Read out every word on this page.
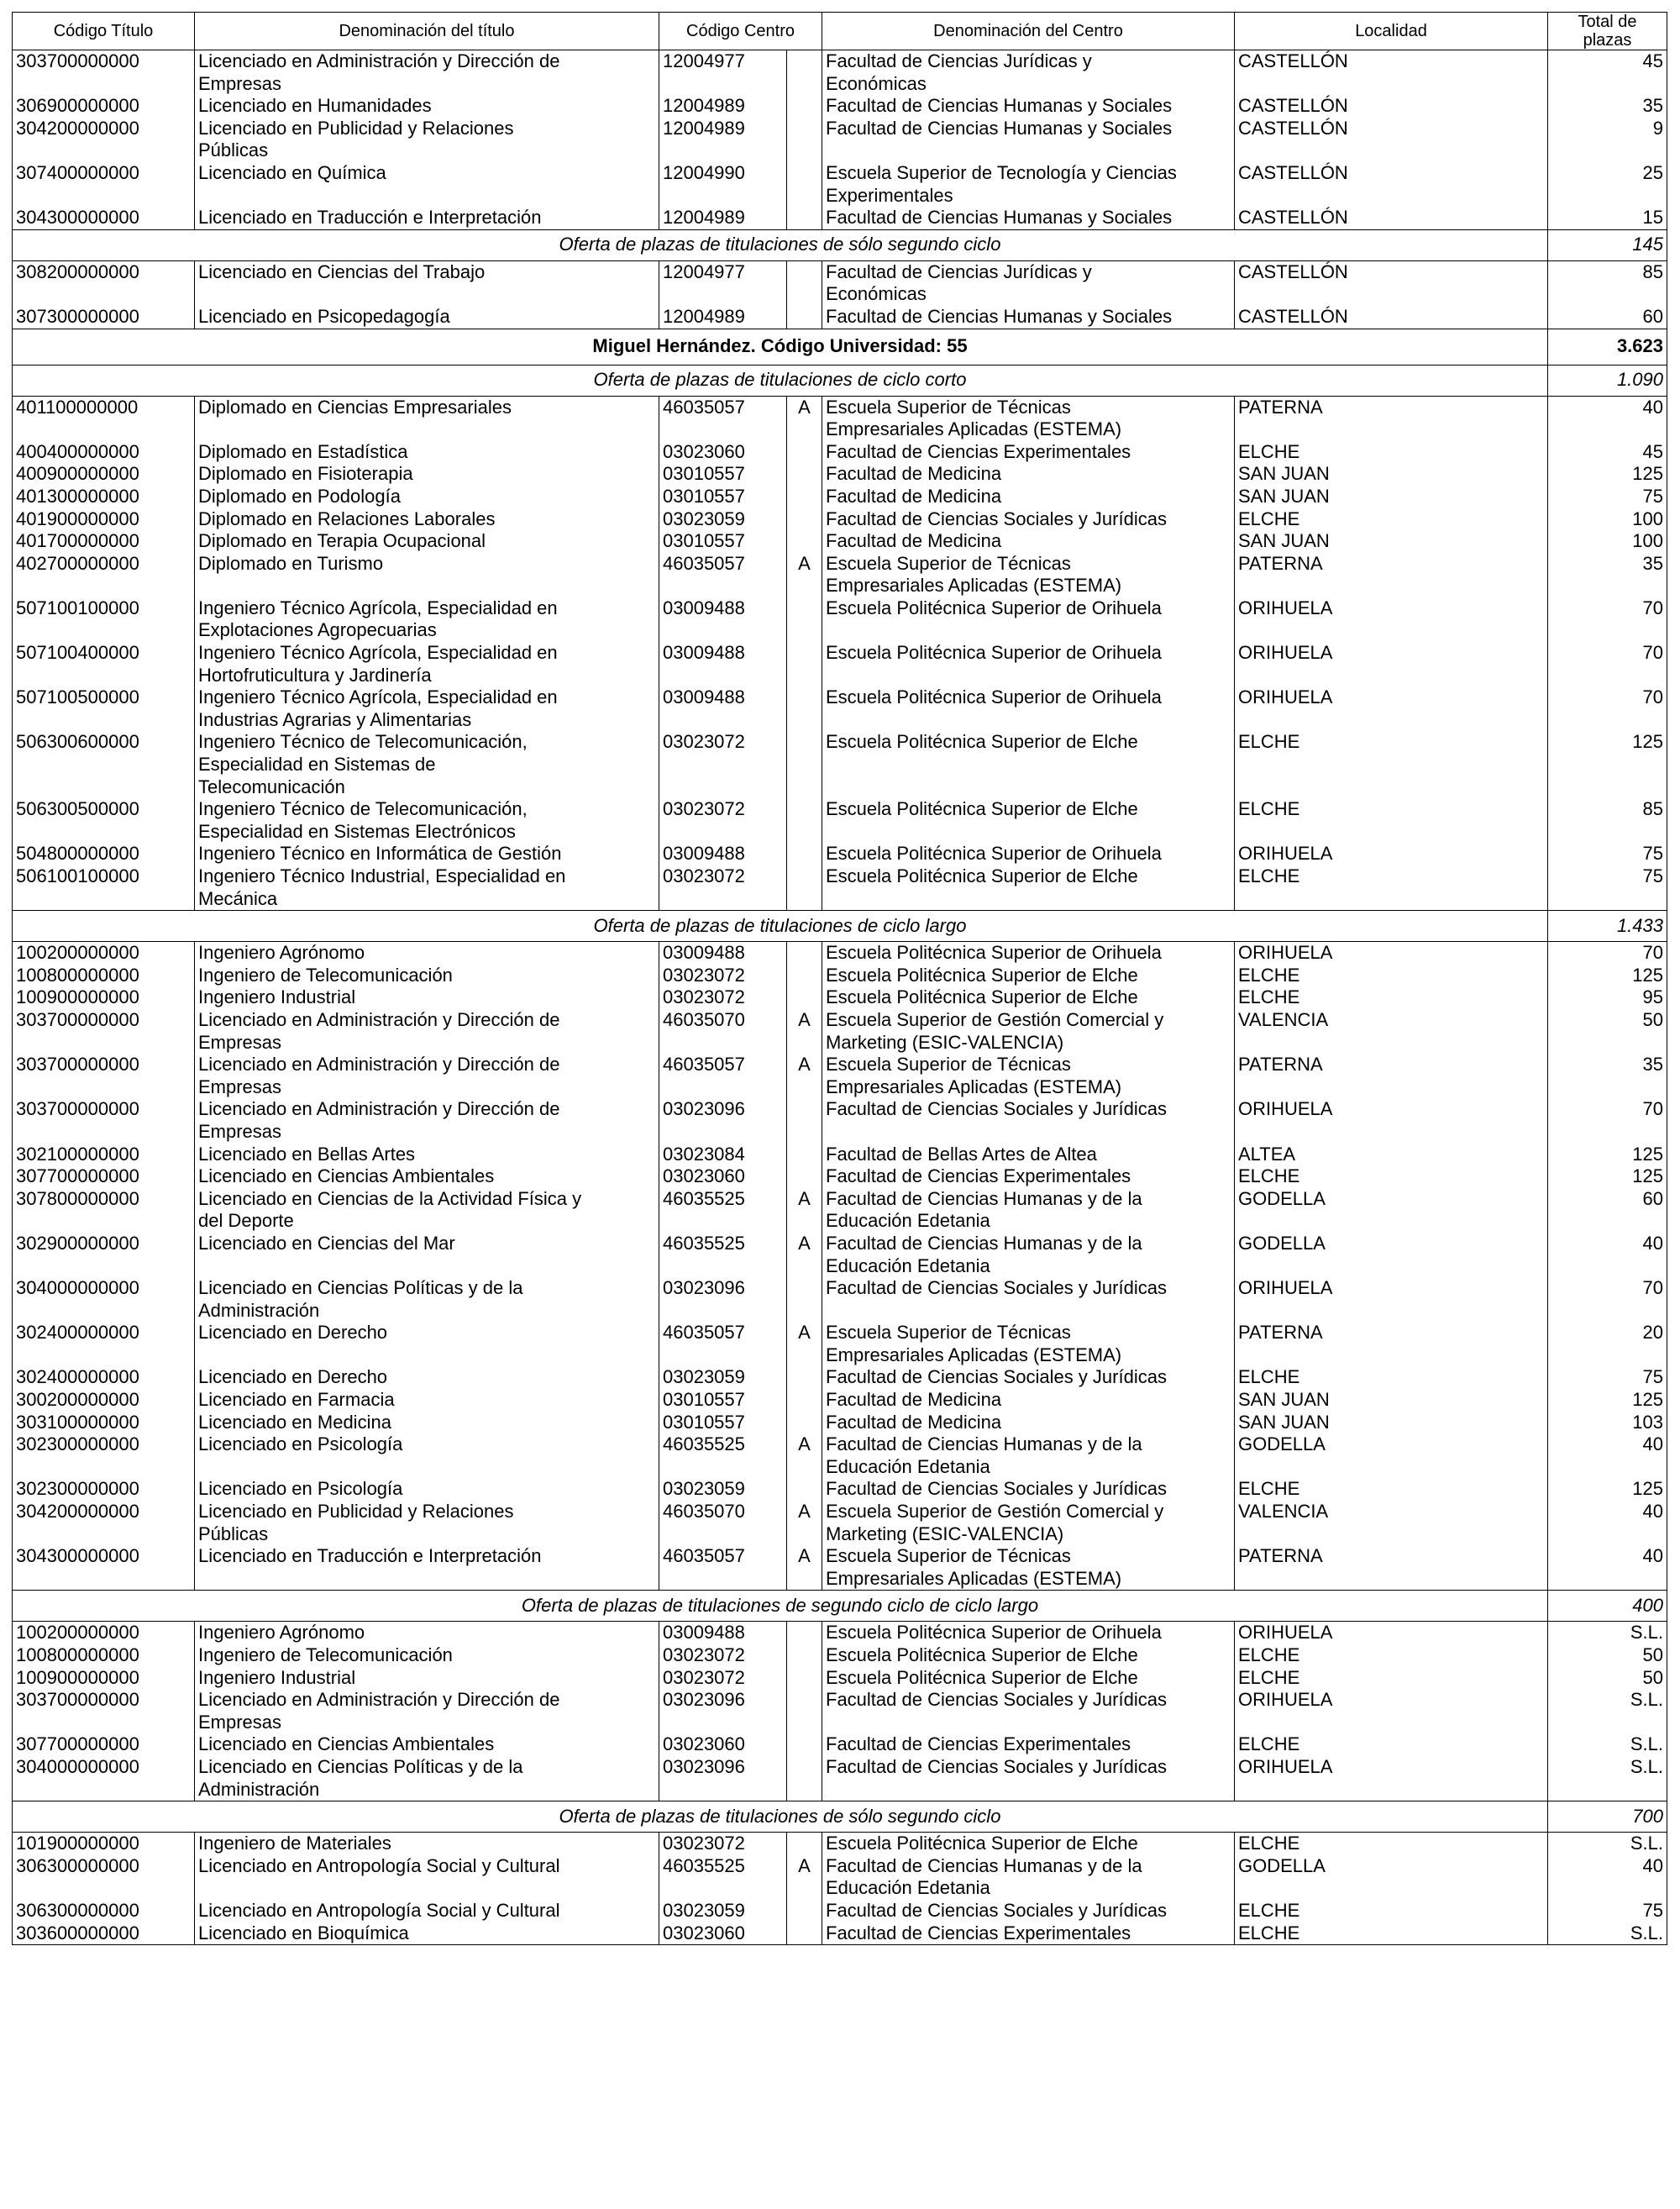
Código Título	Denominación del título	Código Centro		Denominación del Centro	Localidad	Total de plazas
303700000000	Licenciado en Administración y Dirección de
Empresas	12004977		Facultad de Ciencias Jurídicas y
Económicas	CASTELLÓN	45
306900000000	Licenciado en Humanidades	12004989		Facultad de Ciencias Humanas y Sociales	CASTELLÓN	35
304200000000	Licenciado en Publicidad y Relaciones
Públicas	12004989		Facultad de Ciencias Humanas y Sociales	CASTELLÓN	9
307400000000	Licenciado en Química	12004990		Escuela Superior de Tecnología y Ciencias
Experimentales	CASTELLÓN	25
304300000000	Licenciado en Traducción e Interpretación	12004989		Facultad de Ciencias Humanas y Sociales	CASTELLÓN	15
Oferta de plazas de titulaciones de sólo segundo ciclo						145
308200000000	Licenciado en Ciencias del Trabajo	12004977		Facultad de Ciencias Jurídicas y
Económicas	CASTELLÓN	85
307300000000	Licenciado en Psicopedagogía	12004989		Facultad de Ciencias Humanas y Sociales	CASTELLÓN	60
Miguel Hernández. Código Universidad: 55						3.623
Oferta de plazas de titulaciones de ciclo corto						1.090
401100000000	Diplomado en Ciencias Empresariales	46035057	A	Escuela Superior de Técnicas
Empresariales Aplicadas (ESTEMA)	PATERNA	40
400400000000	Diplomado en Estadística	03023060		Facultad de Ciencias Experimentales	ELCHE	45
400900000000	Diplomado en Fisioterapia	03010557		Facultad de Medicina	SAN JUAN	125
401300000000	Diplomado en Podología	03010557		Facultad de Medicina	SAN JUAN	75
401900000000	Diplomado en Relaciones Laborales	03023059		Facultad de Ciencias Sociales y Jurídicas	ELCHE	100
401700000000	Diplomado en Terapia Ocupacional	03010557		Facultad de Medicina	SAN JUAN	100
402700000000	Diplomado en Turismo	46035057	A	Escuela Superior de Técnicas
Empresariales Aplicadas (ESTEMA)	PATERNA	35
507100100000	Ingeniero Técnico Agrícola, Especialidad en
Explotaciones Agropecuarias	03009488		Escuela Politécnica Superior de Orihuela	ORIHUELA	70
507100400000	Ingeniero Técnico Agrícola, Especialidad en
Hortofruticultura y Jardinería	03009488		Escuela Politécnica Superior de Orihuela	ORIHUELA	70
507100500000	Ingeniero Técnico Agrícola, Especialidad en
Industrias Agrarias y Alimentarias	03009488		Escuela Politécnica Superior de Orihuela	ORIHUELA	70
506300600000	Ingeniero Técnico de Telecomunicación,
Especialidad en Sistemas de
Telecomunicación	03023072		Escuela Politécnica Superior de Elche	ELCHE	125
506300500000	Ingeniero Técnico de Telecomunicación,
Especialidad en Sistemas Electrónicos	03023072		Escuela Politécnica Superior de Elche	ELCHE	85
504800000000	Ingeniero Técnico en Informática de Gestión	03009488		Escuela Politécnica Superior de Orihuela	ORIHUELA	75
506100100000	Ingeniero Técnico Industrial, Especialidad en
Mecánica	03023072		Escuela Politécnica Superior de Elche	ELCHE	75
Oferta de plazas de titulaciones de ciclo largo						1.433
100200000000	Ingeniero Agrónomo	03009488		Escuela Politécnica Superior de Orihuela	ORIHUELA	70
100800000000	Ingeniero de Telecomunicación	03023072		Escuela Politécnica Superior de Elche	ELCHE	125
100900000000	Ingeniero Industrial	03023072		Escuela Politécnica Superior de Elche	ELCHE	95
303700000000	Licenciado en Administración y Dirección de
Empresas	46035070	A	Escuela Superior de Gestión Comercial y
Marketing (ESIC-VALENCIA)	VALENCIA	50
303700000000	Licenciado en Administración y Dirección de
Empresas	46035057	A	Escuela Superior de Técnicas
Empresariales Aplicadas (ESTEMA)	PATERNA	35
303700000000	Licenciado en Administración y Dirección de
Empresas	03023096		Facultad de Ciencias Sociales y Jurídicas	ORIHUELA	70
302100000000	Licenciado en Bellas Artes	03023084		Facultad de Bellas Artes de Altea	ALTEA	125
307700000000	Licenciado en Ciencias Ambientales	03023060		Facultad de Ciencias Experimentales	ELCHE	125
307800000000	Licenciado en Ciencias de la Actividad Física y
del Deporte	46035525	A	Facultad de Ciencias Humanas y de la
Educación Edetania	GODELLA	60
302900000000	Licenciado en Ciencias del Mar	46035525	A	Facultad de Ciencias Humanas y de la
Educación Edetania	GODELLA	40
304000000000	Licenciado en Ciencias Políticas y de la
Administración	03023096		Facultad de Ciencias Sociales y Jurídicas	ORIHUELA	70
302400000000	Licenciado en Derecho	46035057	A	Escuela Superior de Técnicas
Empresariales Aplicadas (ESTEMA)	PATERNA	20
302400000000	Licenciado en Derecho	03023059		Facultad de Ciencias Sociales y Jurídicas	ELCHE	75
300200000000	Licenciado en Farmacia	03010557		Facultad de Medicina	SAN JUAN	125
303100000000	Licenciado en Medicina	03010557		Facultad de Medicina	SAN JUAN	103
302300000000	Licenciado en Psicología	46035525	A	Facultad de Ciencias Humanas y de la
Educación Edetania	GODELLA	40
302300000000	Licenciado en Psicología	03023059		Facultad de Ciencias Sociales y Jurídicas	ELCHE	125
304200000000	Licenciado en Publicidad y Relaciones
Públicas	46035070	A	Escuela Superior de Gestión Comercial y
Marketing (ESIC-VALENCIA)	VALENCIA	40
304300000000	Licenciado en Traducción e Interpretación	46035057	A	Escuela Superior de Técnicas
Empresariales Aplicadas (ESTEMA)	PATERNA	40
Oferta de plazas de titulaciones de segundo ciclo de ciclo largo						400
100200000000	Ingeniero Agrónomo	03009488		Escuela Politécnica Superior de Orihuela	ORIHUELA	S.L.
100800000000	Ingeniero de Telecomunicación	03023072		Escuela Politécnica Superior de Elche	ELCHE	50
100900000000	Ingeniero Industrial	03023072		Escuela Politécnica Superior de Elche	ELCHE	50
303700000000	Licenciado en Administración y Dirección de
Empresas	03023096		Facultad de Ciencias Sociales y Jurídicas	ORIHUELA	S.L.
307700000000	Licenciado en Ciencias Ambientales	03023060		Facultad de Ciencias Experimentales	ELCHE	S.L.
304000000000	Licenciado en Ciencias Políticas y de la
Administración	03023096		Facultad de Ciencias Sociales y Jurídicas	ORIHUELA	S.L.
Oferta de plazas de titulaciones de sólo segundo ciclo						700
101900000000	Ingeniero de Materiales	03023072		Escuela Politécnica Superior de Elche	ELCHE	S.L.
306300000000	Licenciado en Antropología Social y Cultural	46035525	A	Facultad de Ciencias Humanas y de la
Educación Edetania	GODELLA	40
306300000000	Licenciado en Antropología Social y Cultural	03023059		Facultad de Ciencias Sociales y Jurídicas	ELCHE	75
303600000000	Licenciado en Bioquímica	03023060		Facultad de Ciencias Experimentales	ELCHE	S.L.
